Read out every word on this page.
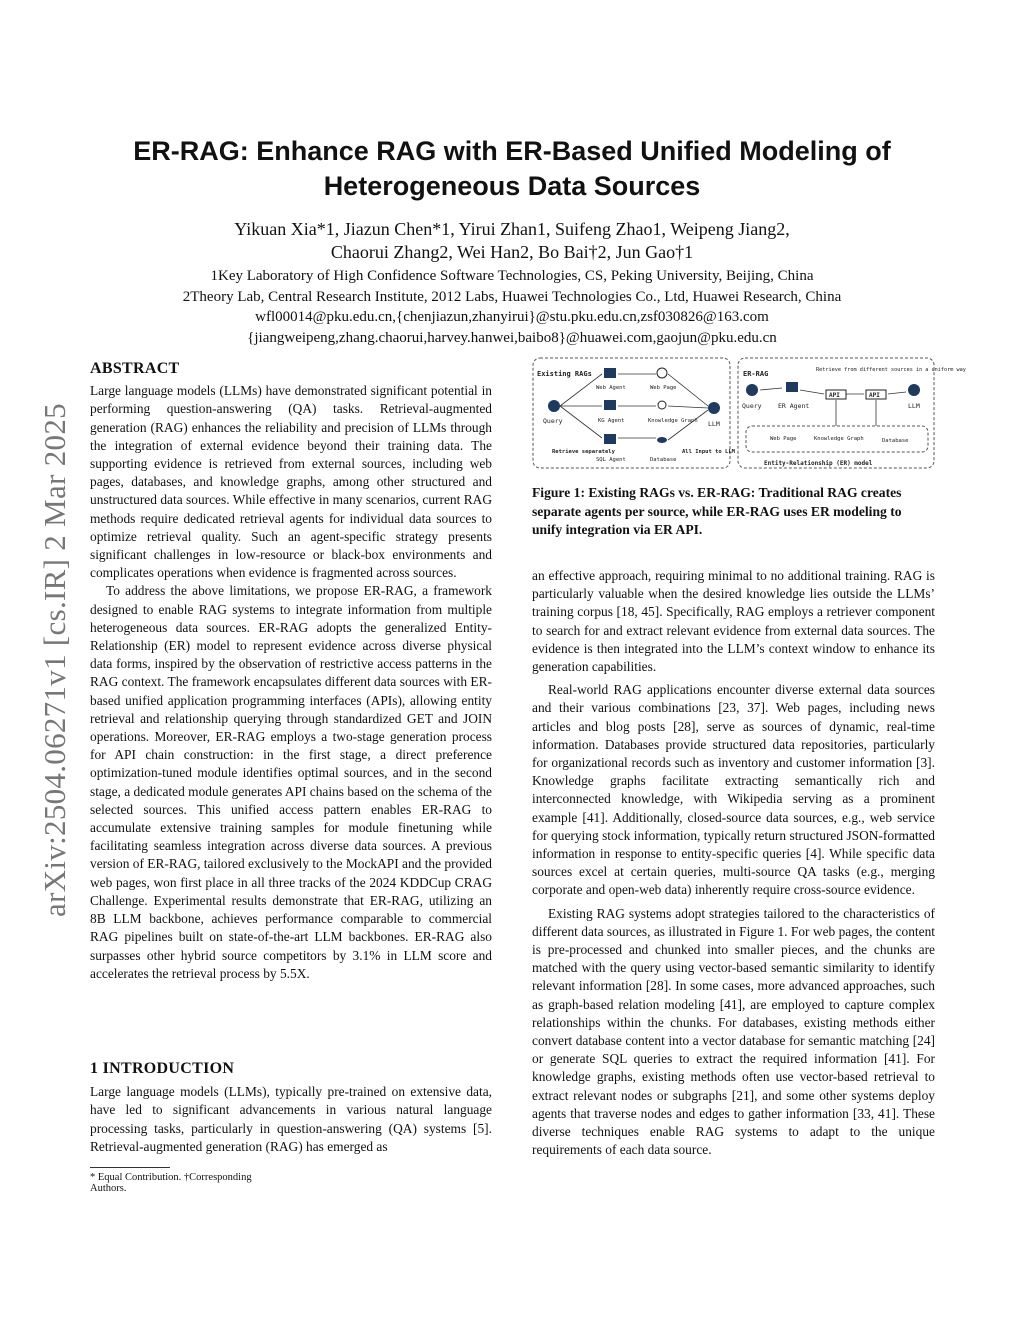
arXiv:2504.06271v1 [cs.IR] 2 Mar 2025
ER-RAG: Enhance RAG with ER-Based Unified Modeling of
Heterogeneous Data Sources
Yikuan Xia*1, Jiazun Chen*1, Yirui Zhan1, Suifeng Zhao1, Weipeng Jiang2,
Chaorui Zhang2, Wei Han2, Bo Bai†2, Jun Gao†1
1Key Laboratory of High Confidence Software Technologies, CS, Peking University, Beijing, China
2Theory Lab, Central Research Institute, 2012 Labs, Huawei Technologies Co., Ltd, Huawei Research, China
wfl00014@pku.edu.cn,{chenjiazun,zhanyirui}@stu.pku.edu.cn,zsf030826@163.com
{jiangweipeng,zhang.chaorui,harvey.hanwei,baibo8}@huawei.com,gaojun@pku.edu.cn
ABSTRACT

Large language models (LLMs) have demonstrated significant potential in performing question-answering (QA) tasks. Retrieval-augmented generation (RAG) enhances the reliability and precision of LLMs through the integration of external evidence beyond their training data. The supporting evidence is retrieved from external sources, including web pages, databases, and knowledge graphs, among other structured and unstructured data sources. While effective in many scenarios, current RAG methods require dedicated retrieval agents for individual data sources to optimize retrieval quality. Such an agent-specific strategy presents significant challenges in low-resource or black-box environments and complicates operations when evidence is fragmented across sources.

To address the above limitations, we propose ER-RAG, a framework designed to enable RAG systems to integrate information from multiple heterogeneous data sources. ER-RAG adopts the generalized Entity-Relationship (ER) model to represent evidence across diverse physical data forms, inspired by the observation of restrictive access patterns in the RAG context. The framework encapsulates different data sources with ER-based unified application programming interfaces (APIs), allowing entity retrieval and relationship querying through standardized GET and JOIN operations. Moreover, ER-RAG employs a two-stage generation process for API chain construction: in the first stage, a direct preference optimization-tuned module identifies optimal sources, and in the second stage, a dedicated module generates API chains based on the schema of the selected sources. This unified access pattern enables ER-RAG to accumulate extensive training samples for module finetuning while facilitating seamless integration across diverse data sources. A previous version of ER-RAG, tailored exclusively to the MockAPI and the provided web pages, won first place in all three tracks of the 2024 KDDCup CRAG Challenge. Experimental results demonstrate that ER-RAG, utilizing an 8B LLM backbone, achieves performance comparable to commercial RAG pipelines built on state-of-the-art LLM backbones. ER-RAG also surpasses other hybrid source competitors by 3.1% in LLM score and accelerates the retrieval process by 5.5X.

1 INTRODUCTION

Large language models (LLMs), typically pre-trained on extensive data, have led to significant advancements in various natural language processing tasks, particularly in question-answering (QA) systems [5]. Retrieval-augmented generation (RAG) has emerged as

* Equal Contribution. †Corresponding Authors.
Existing RAGs
Query
Web Agent
KG Agent
SQL Agent
Web Page
Knowledge Graph
Database
LLM
Retrieve separately	All Input to LLM
ER-RAG
Query	ER Agent
Retrieve from different sources in a uniform way
API	API
LLM
Web Page	Knowledge Graph	Database
Entity-Relationship (ER) model
Figure 1: Existing RAGs vs. ER-RAG: Traditional RAG creates separate agents per source, while ER-RAG uses ER modeling to unify integration via ER API.

an effective approach, requiring minimal to no additional training. RAG is particularly valuable when the desired knowledge lies outside the LLMs’ training corpus [18, 45]. Specifically, RAG employs a retriever component to search for and extract relevant evidence from external data sources. The evidence is then integrated into the LLM’s context window to enhance its generation capabilities.

Real-world RAG applications encounter diverse external data sources and their various combinations [23, 37]. Web pages, including news articles and blog posts [28], serve as sources of dynamic, real-time information. Databases provide structured data repositories, particularly for organizational records such as inventory and customer information [3]. Knowledge graphs facilitate extracting semantically rich and interconnected knowledge, with Wikipedia serving as a prominent example [41]. Additionally, closed-source data sources, e.g., web service for querying stock information, typically return structured JSON-formatted information in response to entity-specific queries [4]. While specific data sources excel at certain queries, multi-source QA tasks (e.g., merging corporate and open-web data) inherently require cross-source evidence.

Existing RAG systems adopt strategies tailored to the characteristics of different data sources, as illustrated in Figure 1. For web pages, the content is pre-processed and chunked into smaller pieces, and the chunks are matched with the query using vector-based semantic similarity to identify relevant information [28]. In some cases, more advanced approaches, such as graph-based relation modeling [41], are employed to capture complex relationships within the chunks. For databases, existing methods either convert database content into a vector database for semantic matching [24] or generate SQL queries to extract the required information [41]. For knowledge graphs, existing methods often use vector-based retrieval to extract relevant nodes or subgraphs [21], and some other systems deploy agents that traverse nodes and edges to gather information [33, 41]. These diverse techniques enable RAG systems to adapt to the unique requirements of each data source.
